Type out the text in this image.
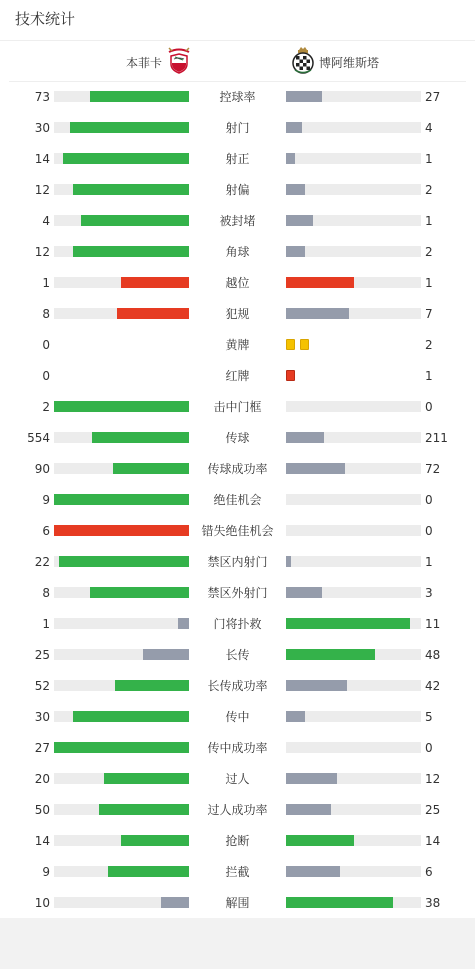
技术统计
本菲卡	博阿维斯塔
73	控球率	27
30	射门	4
14	射正	1
12	射偏	2
4	被封堵	1
12	角球	2
1	越位	1
8	犯规	7
0	黄牌	2
0	红牌	1
2	击中门框	0
554	传球	211
90	传球成功率	72
9	绝佳机会	0
6	错失绝佳机会	0
22	禁区内射门	1
8	禁区外射门	3
1	门将扑救	11
25	长传	48
52	长传成功率	42
30	传中	5
27	传中成功率	0
20	过人	12
50	过人成功率	25
14	抢断	14
9	拦截	6
10	解围	38
